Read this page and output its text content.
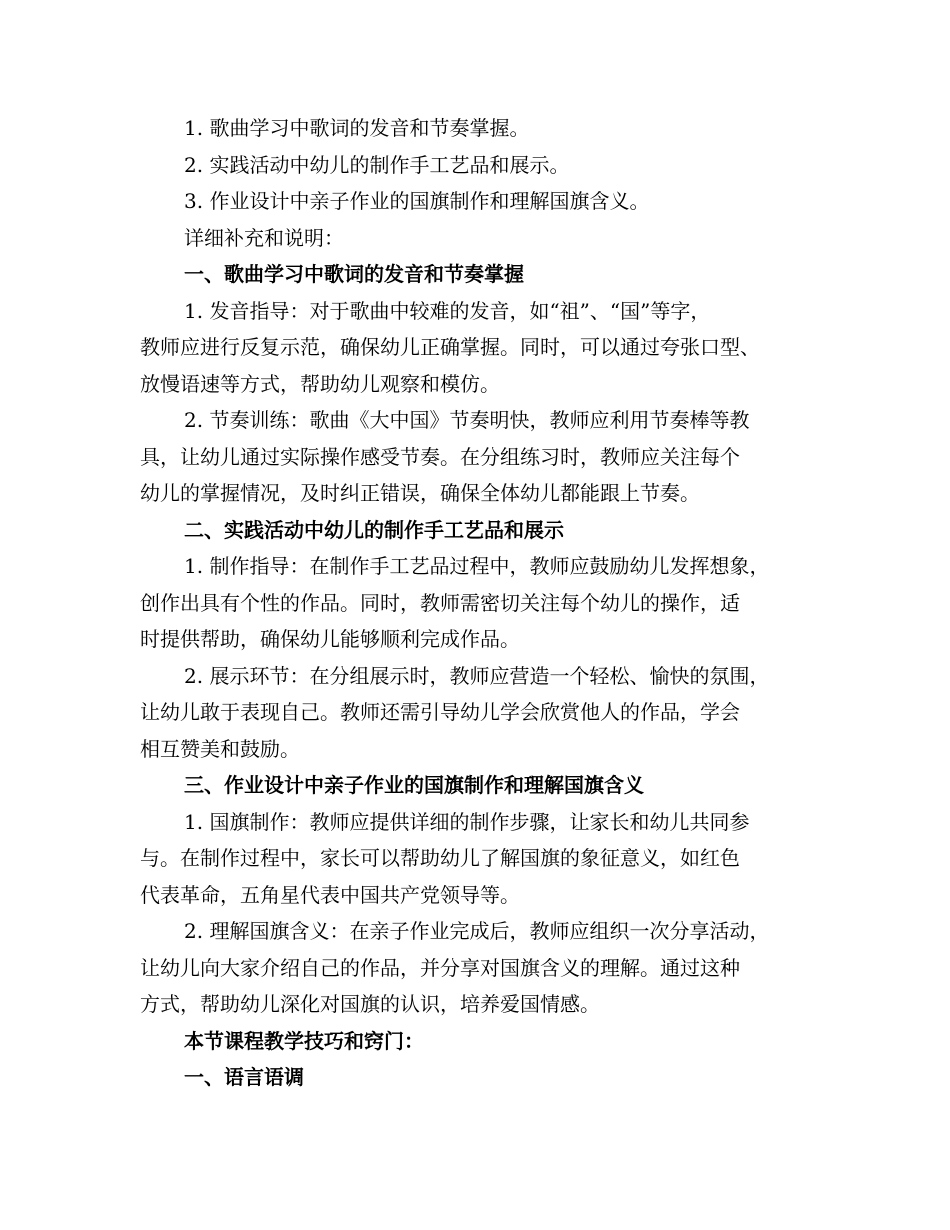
1. 歌曲学习中歌词的发音和节奏掌握。

2. 实践活动中幼儿的制作手工艺品和展示。

3. 作业设计中亲子作业的国旗制作和理解国旗含义。

详细补充和说明：

一、歌曲学习中歌词的发音和节奏掌握

1. 发音指导：对于歌曲中较难的发音，如“祖”、“国”等字，
教师应进行反复示范，确保幼儿正确掌握。同时，可以通过夸张口型、
放慢语速等方式，帮助幼儿观察和模仿。

2. 节奏训练：歌曲《大中国》节奏明快，教师应利用节奏棒等教
具，让幼儿通过实际操作感受节奏。在分组练习时，教师应关注每个
幼儿的掌握情况，及时纠正错误，确保全体幼儿都能跟上节奏。

二、实践活动中幼儿的制作手工艺品和展示

1. 制作指导：在制作手工艺品过程中，教师应鼓励幼儿发挥想象，
创作出具有个性的作品。同时，教师需密切关注每个幼儿的操作，适
时提供帮助，确保幼儿能够顺利完成作品。

2. 展示环节：在分组展示时，教师应营造一个轻松、愉快的氛围，
让幼儿敢于表现自己。教师还需引导幼儿学会欣赏他人的作品，学会
相互赞美和鼓励。

三、作业设计中亲子作业的国旗制作和理解国旗含义

1. 国旗制作：教师应提供详细的制作步骤，让家长和幼儿共同参
与。在制作过程中，家长可以帮助幼儿了解国旗的象征意义，如红色
代表革命，五角星代表中国共产党领导等。

2. 理解国旗含义：在亲子作业完成后，教师应组织一次分享活动，
让幼儿向大家介绍自己的作品，并分享对国旗含义的理解。通过这种
方式，帮助幼儿深化对国旗的认识，培养爱国情感。

本节课程教学技巧和窍门：

一、语言语调
